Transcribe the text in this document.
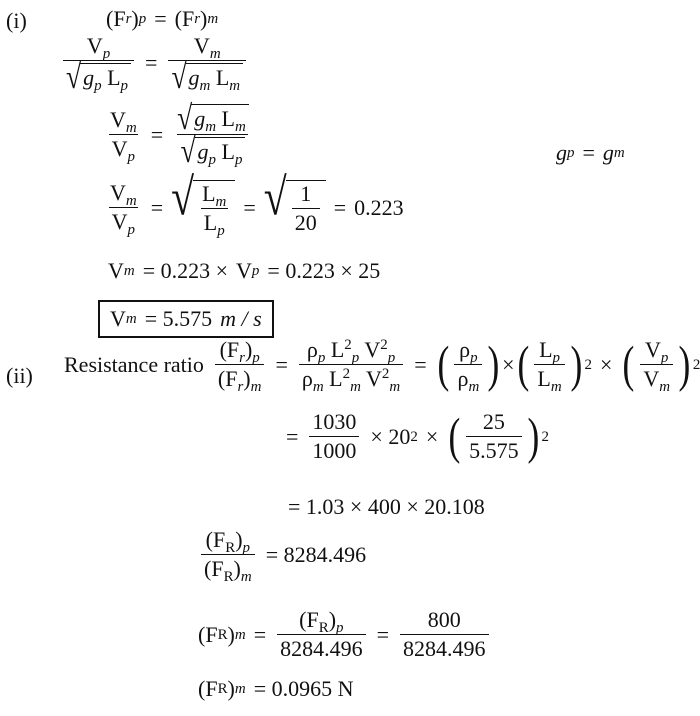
(i)	(F r ) p = (F r ) m
$\frac{V_p}{√ g_p L_p} = \frac{V_m}{√ g_m L_m}$
$\frac{V_m}{V_p} = \frac{√ g_m L_m}{√ g_p L_p}$	g p = g m
$\frac{V_m}{V_p}$ = √ $\frac{L_m}{L_p}$ = √ $\frac{1}{20} = 0.223$
V m = 0.223 × V p = 0.223 × 25
V m = 5.575 m / s
(ii) Resistance ratio $\frac{(F_r)_p}{(F_r)_m} = \frac{\rho_p L^2_p V^2_p}{\rho_m L^2_m V^2_m}$ = ( $\frac{\rho_p}{\rho_m}$ ) × ( $\frac{L_p}{L_m}$ ) 2 × ( $\frac{V_p}{V_m}$ ) 2
= $\frac{1030}{1000} \times 20$ 2 × ( $\frac{25}{5.575}$ ) 2
= 1.03 × 400 × 20.108
$\frac{(F_R)_p}{(F_R)_m} = 8284.496$
(F R ) $m = \frac{(F_R)_p}{8284.496} = \frac{800}{8284.496}$
(F R ) m = 0.0965 N
